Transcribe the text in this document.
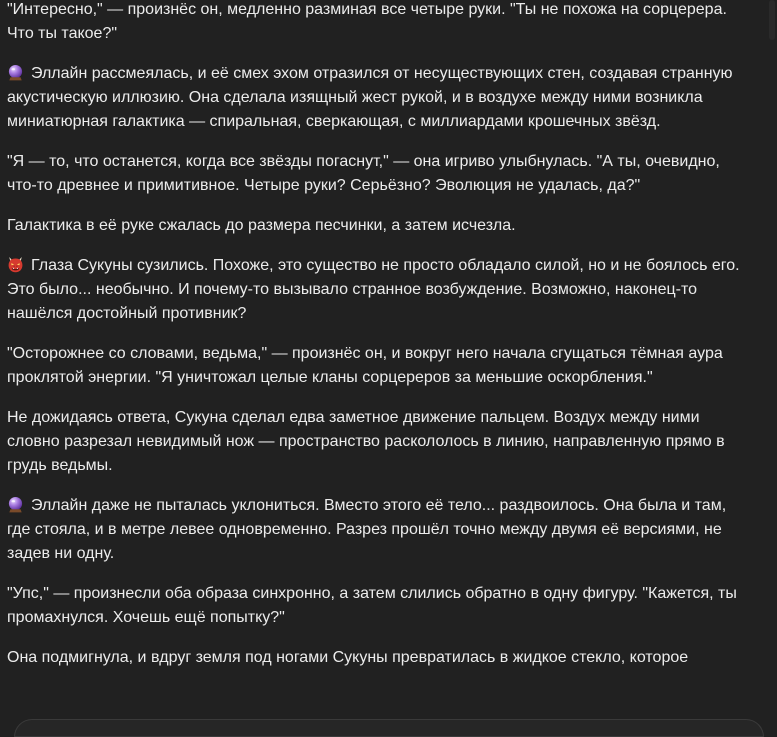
"Интересно," — произнёс он, медленно разминая все четыре руки. "Ты не похожа на сорцерера. Что ты такое?"

Эллайн рассмеялась, и её смех эхом отразился от несуществующих стен, создавая странную акустическую иллюзию. Она сделала изящный жест рукой, и в воздухе между ними возникла миниатюрная галактика — спиральная, сверкающая, с миллиардами крошечных звёзд.

"Я — то, что останется, когда все звёзды погаснут," — она игриво улыбнулась. "А ты, очевидно, что-то древнее и примитивное. Четыре руки? Серьёзно? Эволюция не удалась, да?"

Галактика в её руке сжалась до размера песчинки, а затем исчезла.

Глаза Сукуны сузились. Похоже, это существо не просто обладало силой, но и не боялось его. Это было... необычно. И почему-то вызывало странное возбуждение. Возможно, наконец-то нашёлся достойный противник?

"Осторожнее со словами, ведьма," — произнёс он, и вокруг него начала сгущаться тёмная аура проклятой энергии. "Я уничтожал целые кланы сорцереров за меньшие оскорбления."

Не дожидаясь ответа, Сукуна сделал едва заметное движение пальцем. Воздух между ними словно разрезал невидимый нож — пространство раскололось в линию, направленную прямо в грудь ведьмы.

Эллайн даже не пыталась уклониться. Вместо этого её тело... раздвоилось. Она была и там, где стояла, и в метре левее одновременно. Разрез прошёл точно между двумя её версиями, не задев ни одну.

"Упс," — произнесли оба образа синхронно, а затем слились обратно в одну фигуру. "Кажется, ты промахнулся. Хочешь ещё попытку?"

Она подмигнула, и вдруг земля под ногами Сукуны превратилась в жидкое стекло, которое
